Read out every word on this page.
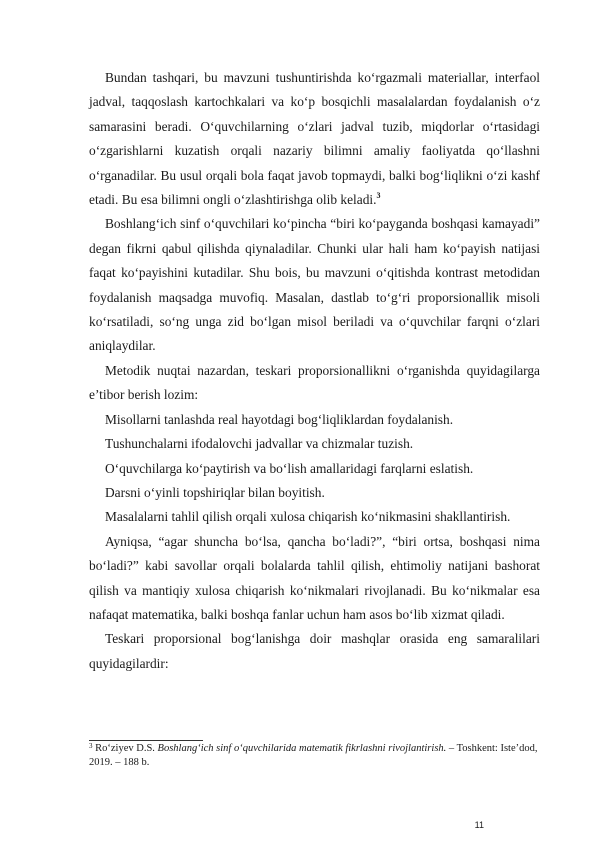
Bundan tashqari, bu mavzuni tushuntirishda ko‘rgazmali materiallar, interfaol jadval, taqqoslash kartochkalari va ko‘p bosqichli masalalardan foydalanish o‘z samarasini beradi. O‘quvchilarning o‘zlari jadval tuzib, miqdorlar o‘rtasidagi o‘zgarishlarni kuzatish orqali nazariy bilimni amaliy faoliyatda qo‘llashni o‘rganadilar. Bu usul orqali bola faqat javob topmaydi, balki bog‘liqlikni o‘zi kashf etadi. Bu esa bilimni ongli o‘zlashtirishga olib keladi.$^3$

Boshlang‘ich sinf o‘quvchilari ko‘pincha “biri ko‘payganda boshqasi kamayadi” degan fikrni qabul qilishda qiynaladilar. Chunki ular hali ham ko‘payish natijasi faqat ko‘payishini kutadilar. Shu bois, bu mavzuni o‘qitishda kontrast metodidan foydalanish maqsadga muvofiq. Masalan, dastlab to‘g‘ri proporsionallik misoli ko‘rsatiladi, so‘ng unga zid bo‘lgan misol beriladi va o‘quvchilar farqni o‘zlari aniqlaydilar.

Metodik nuqtai nazardan, teskari proporsionallikni o‘rganishda quyidagilarga e’tibor berish lozim:

Misollarni tanlashda real hayotdagi bog‘liqliklardan foydalanish.

Tushunchalarni ifodalovchi jadvallar va chizmalar tuzish.

O‘quvchilarga ko‘paytirish va bo‘lish amallaridagi farqlarni eslatish.

Darsni o‘yinli topshiriqlar bilan boyitish.

Masalalarni tahlil qilish orqali xulosa chiqarish ko‘nikmasini shakllantirish.

Ayniqsa, “agar shuncha bo‘lsa, qancha bo‘ladi?”, “biri ortsa, boshqasi nima bo‘ladi?” kabi savollar orqali bolalarda tahlil qilish, ehtimoliy natijani bashorat qilish va mantiqiy xulosa chiqarish ko‘nikmalari rivojlanadi. Bu ko‘nikmalar esa nafaqat matematika, balki boshqa fanlar uchun ham asos bo‘lib xizmat qiladi.

Teskari proporsional bog‘lanishga doir mashqlar orasida eng samaralilari quyidagilardir:

$^3$ Ro‘ziyev D.S. Boshlang‘ich sinf o‘quvchilarida matematik fikrlashni rivojlantirish. – Toshkent: Iste’dod, 2019. – 188 b.
11
